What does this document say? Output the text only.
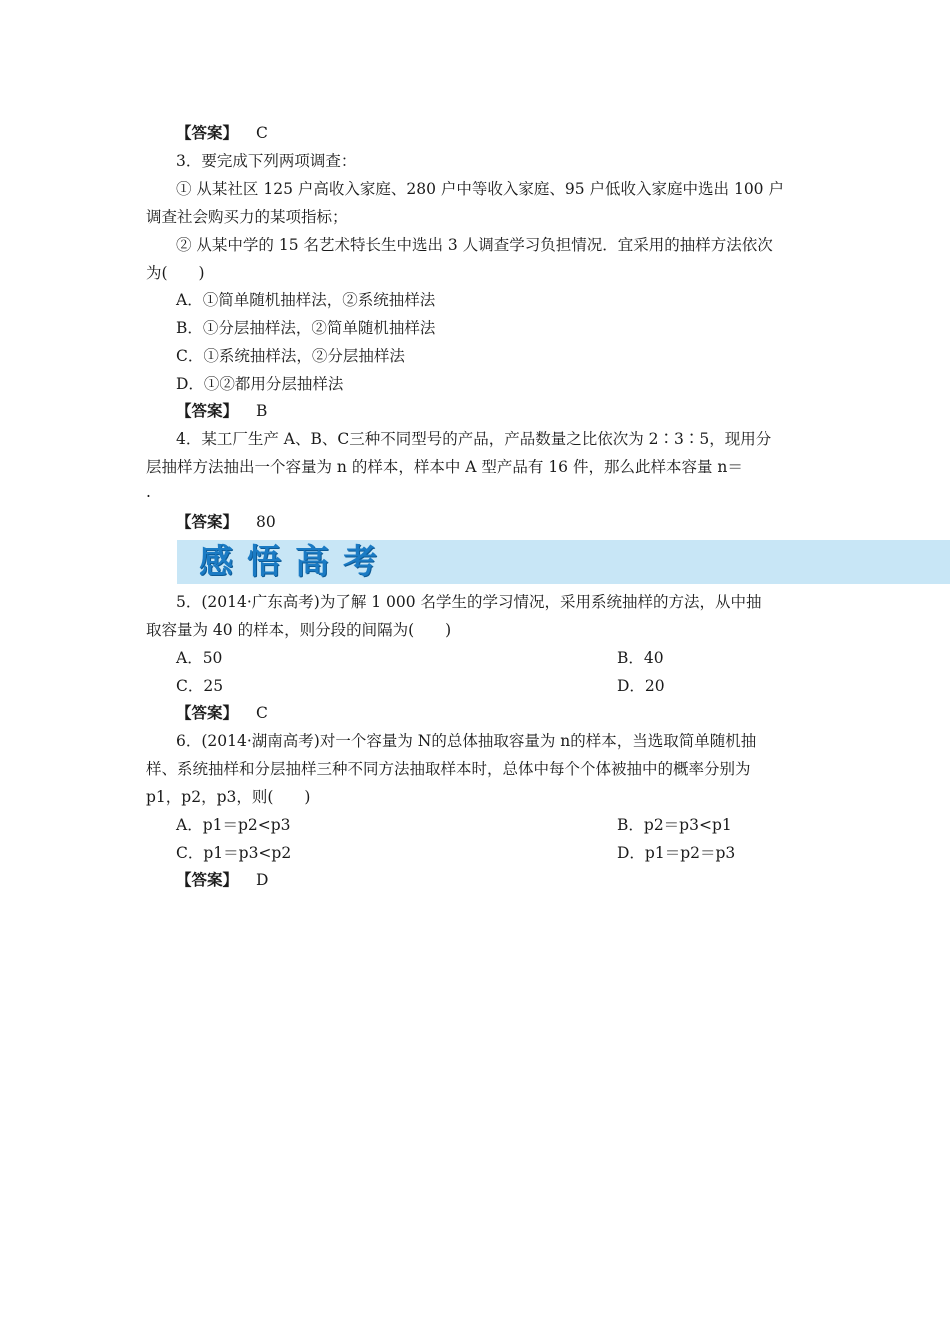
【答案】 C
3．要完成下列两项调查：
① 从某社区 125 户高收入家庭、280 户中等收入家庭、95 户低收入家庭中选出 100 户
调查社会购买力的某项指标；
② 从某中学的 15 名艺术特长生中选出 3 人调查学习负担情况．宜采用的抽样方法依次
为(　　)
A．①简单随机抽样法，②系统抽样法
B．①分层抽样法，②简单随机抽样法
C．①系统抽样法，②分层抽样法
D．①②都用分层抽样法
【答案】 B
4．某工厂生产 A、B、C三种不同型号的产品，产品数量之比依次为 2∶3∶5，现用分
层抽样方法抽出一个容量为 n 的样本，样本中 A 型产品有 16 件，那么此样本容量 n＝
.
【答案】 80
感悟高考
5．(2014·广东高考)为了解 1 000 名学生的学习情况，采用系统抽样的方法，从中抽
取容量为 40 的样本，则分段的间隔为(　　)
A．50	B．40
C．25	D．20
【答案】 C
6．(2014·湖南高考)对一个容量为 N的总体抽取容量为 n的样本，当选取简单随机抽
样、系统抽样和分层抽样三种不同方法抽取样本时，总体中每个个体被抽中的概率分别为
p1，p2，p3，则(　　)
A．p1＝p2<p3	B．p2＝p3<p1
C．p1＝p3<p2	D．p1＝p2＝p3
【答案】 D
